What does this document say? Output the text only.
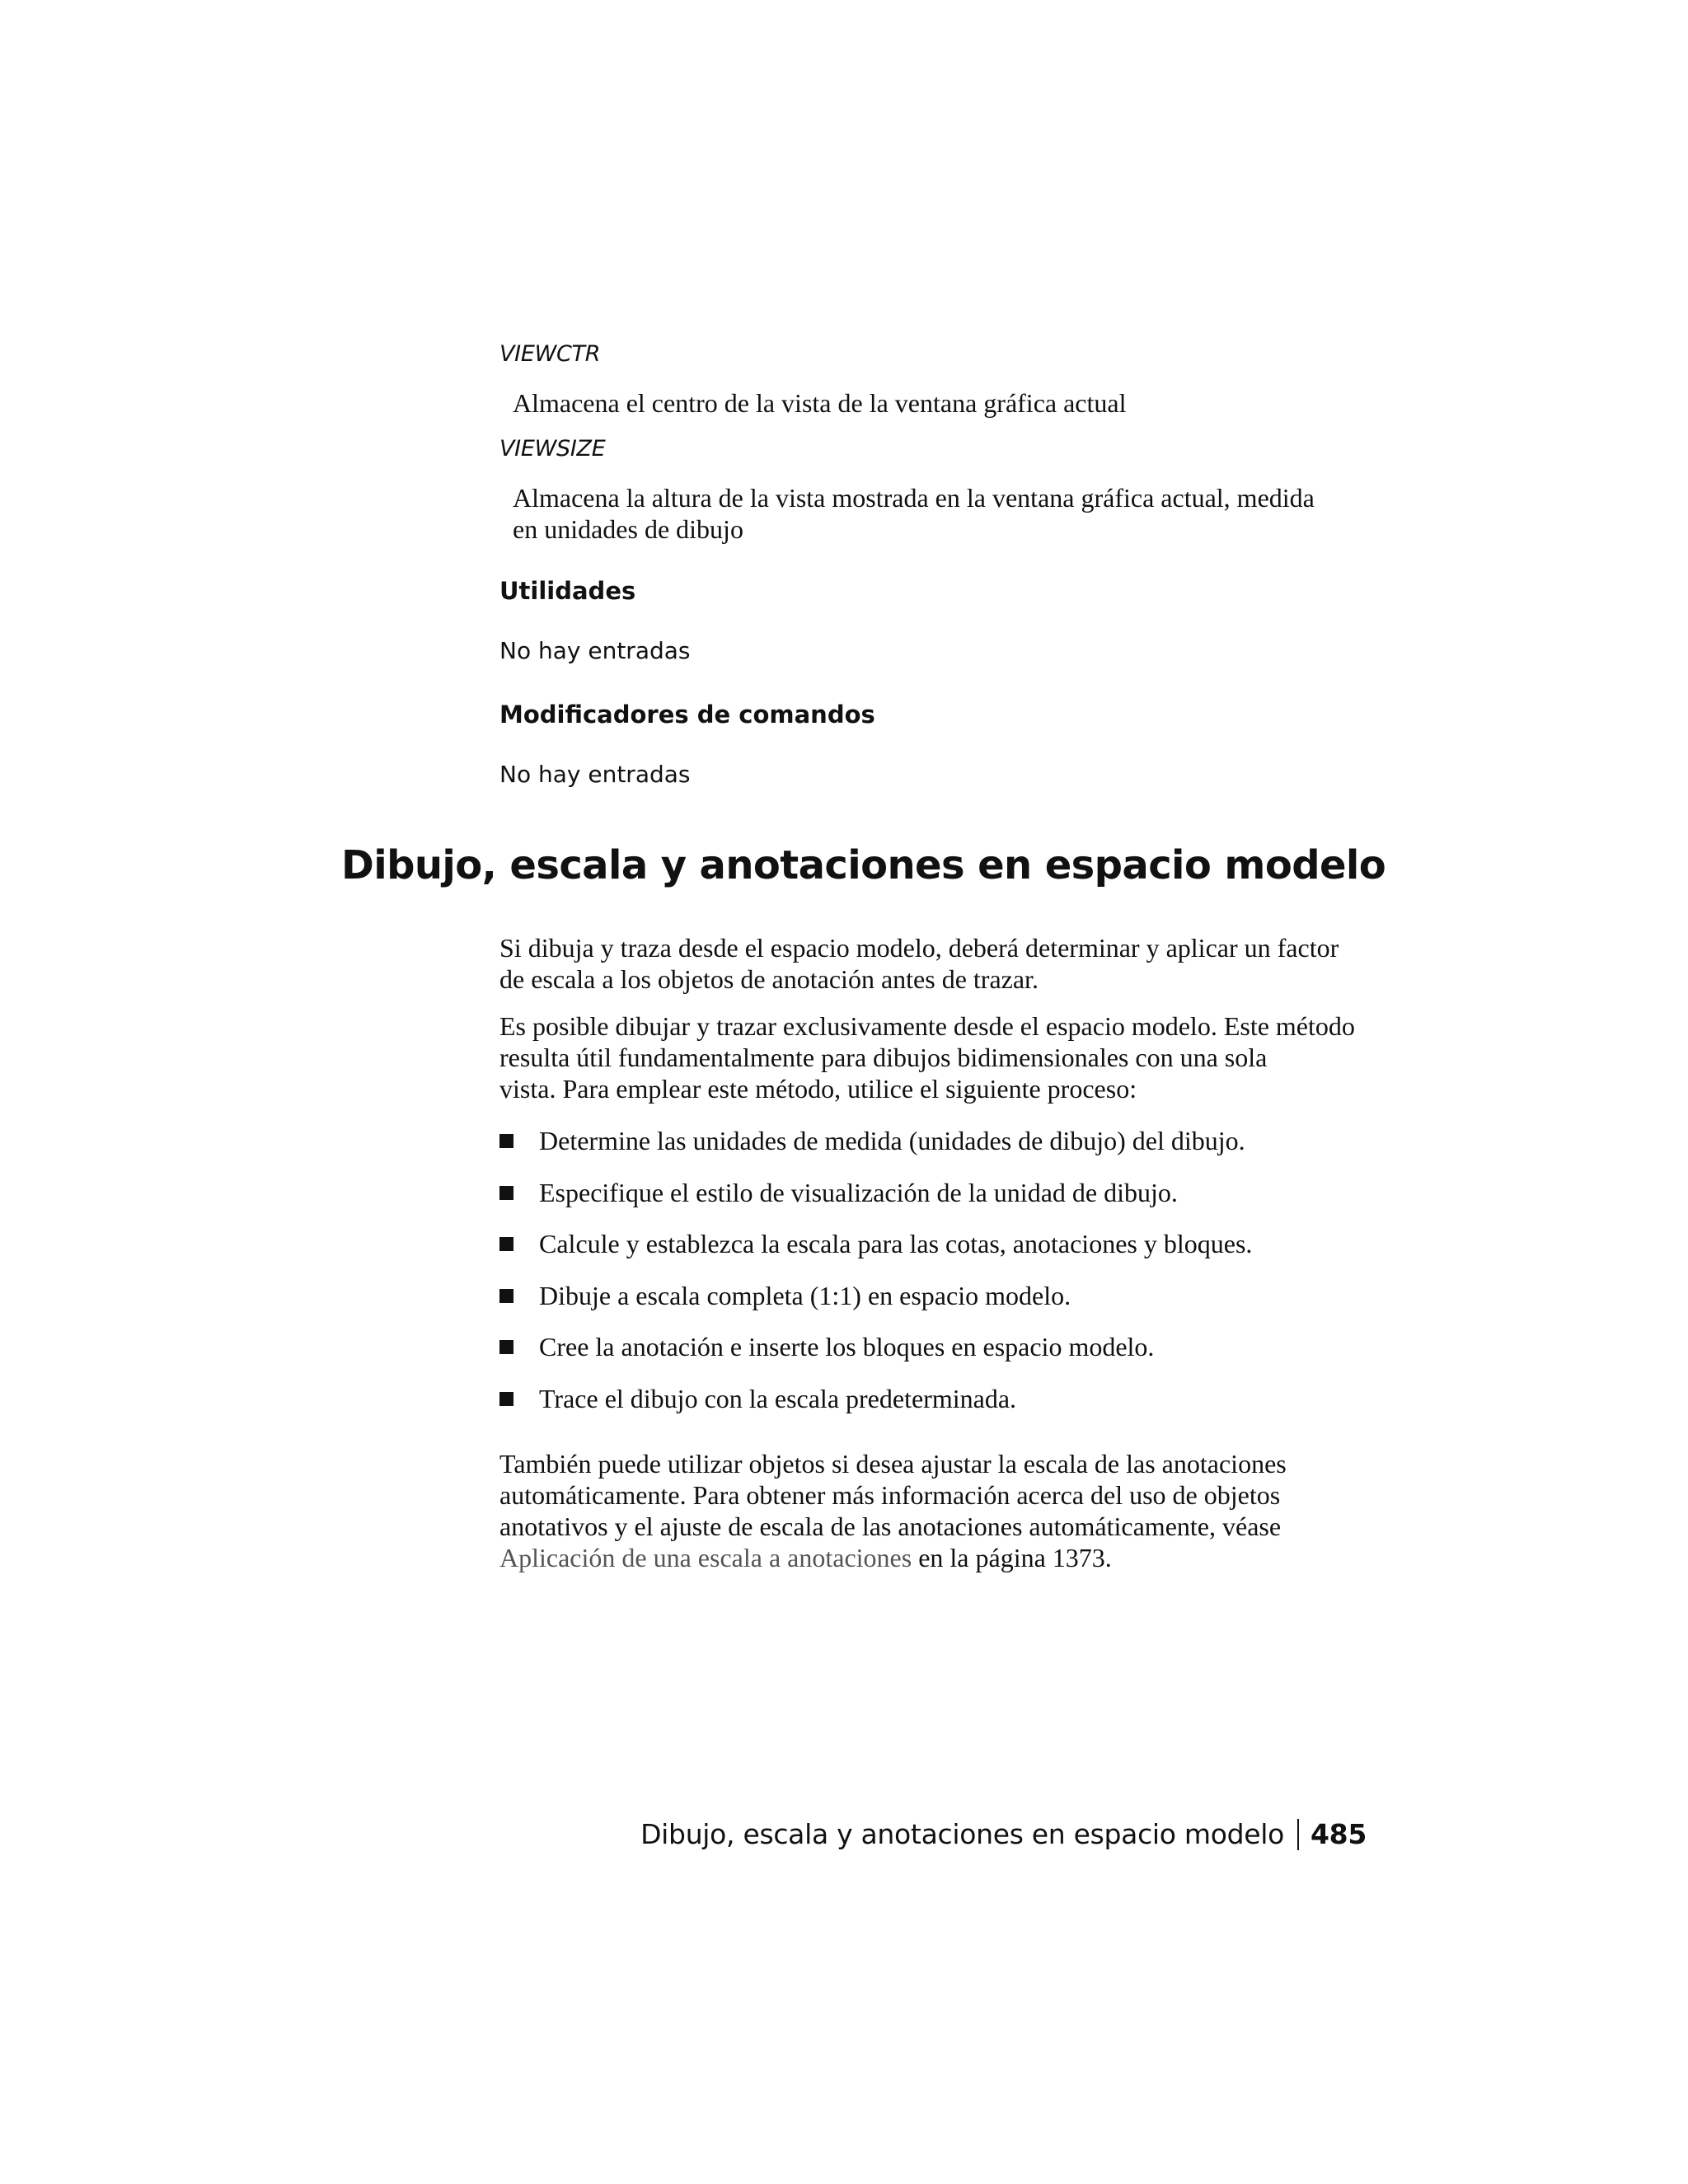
VIEWCTR

Almacena el centro de la vista de la ventana gráfica actual

VIEWSIZE

Almacena la altura de la vista mostrada en la ventana gráfica actual, medida

en unidades de dibujo

Utilidades

No hay entradas

Modificadores de comandos

No hay entradas

Dibujo, escala y anotaciones en espacio modelo

Si dibuja y traza desde el espacio modelo, deberá determinar y aplicar un factor

de escala a los objetos de anotación antes de trazar.

Es posible dibujar y trazar exclusivamente desde el espacio modelo. Este método

resulta útil fundamentalmente para dibujos bidimensionales con una sola

vista. Para emplear este método, utilice el siguiente proceso:

Determine las unidades de medida (unidades de dibujo) del dibujo.
Especifique el estilo de visualización de la unidad de dibujo.
Calcule y establezca la escala para las cotas, anotaciones y bloques.
Dibuje a escala completa (1:1) en espacio modelo.
Cree la anotación e inserte los bloques en espacio modelo.
Trace el dibujo con la escala predeterminada.

También puede utilizar objetos si desea ajustar la escala de las anotaciones

automáticamente. Para obtener más información acerca del uso de objetos

anotativos y el ajuste de escala de las anotaciones automáticamente, véase

Aplicación de una escala a anotaciones en la página 1373.

Dibujo, escala y anotaciones en espacio modelo 485
